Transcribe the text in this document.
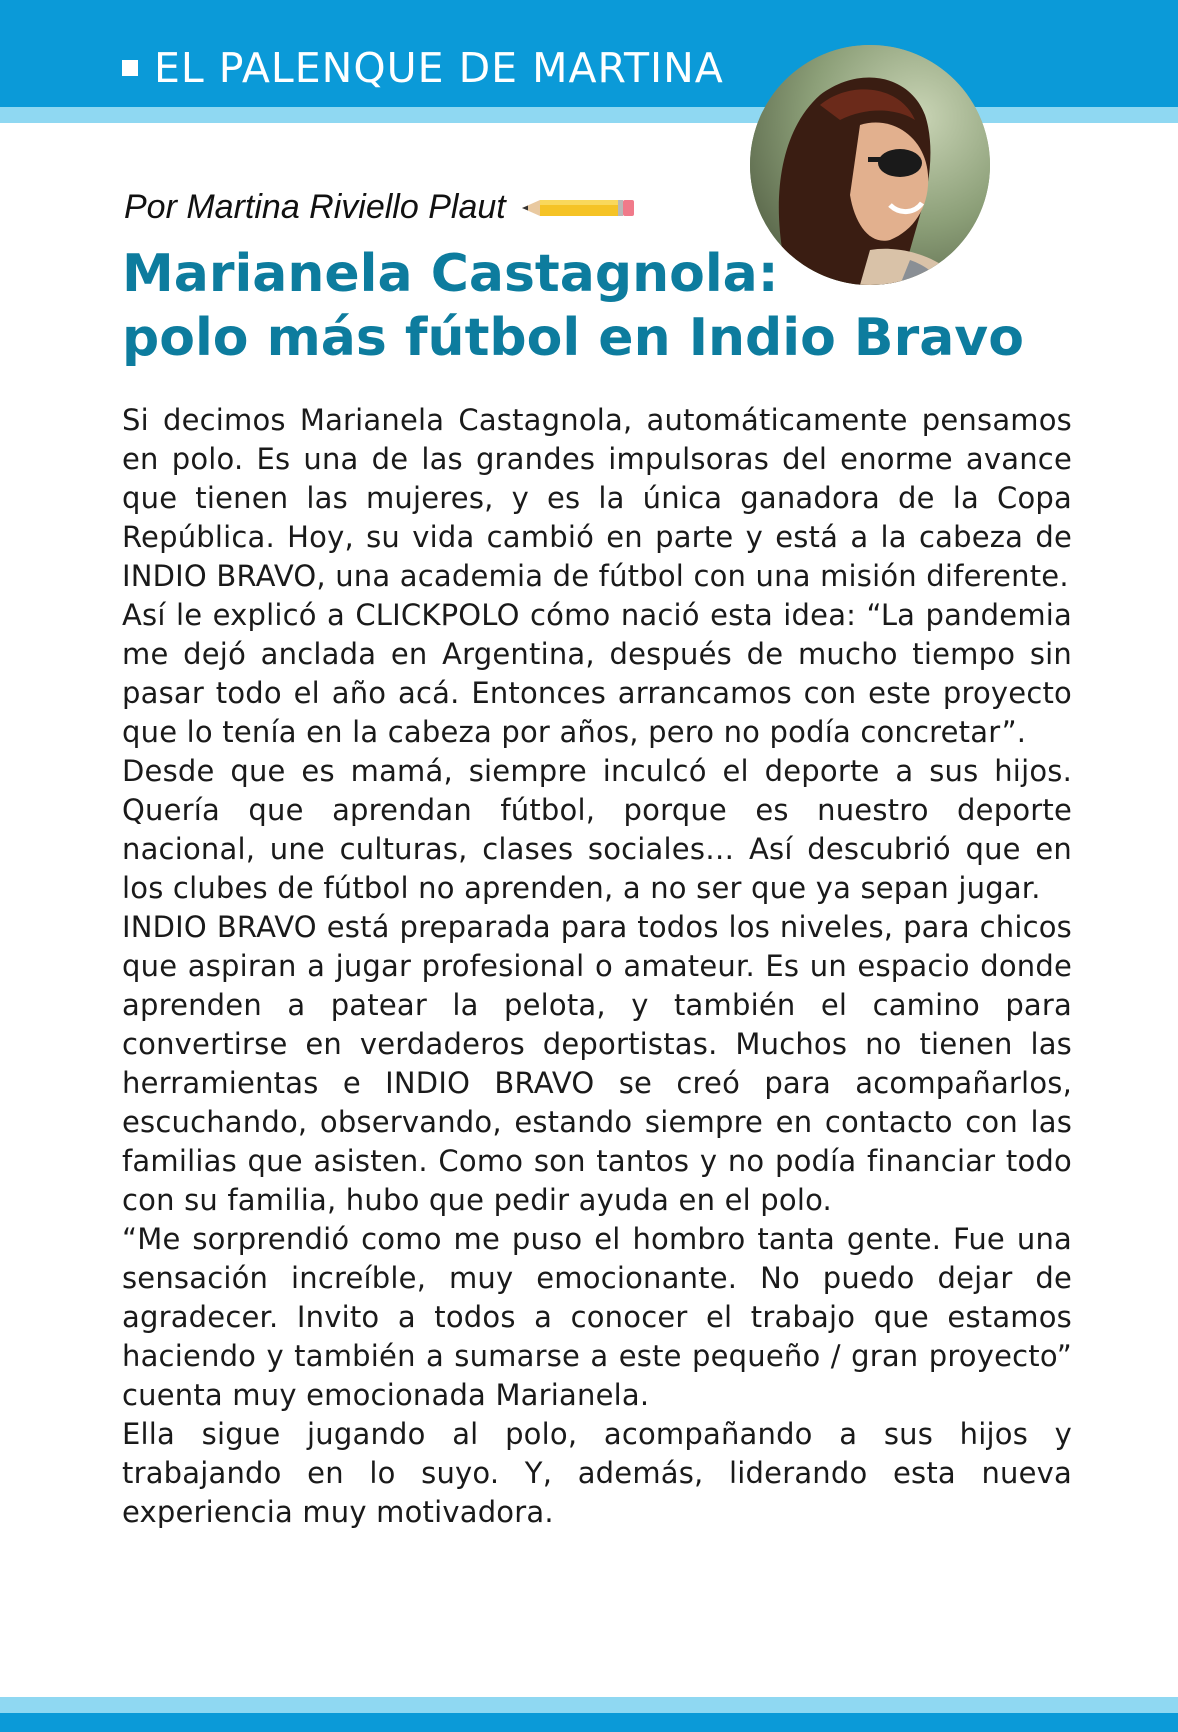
EL PALENQUE DE MARTINA
Por Martina Riviello Plaut
Marianela Castagnola:
polo más fútbol en Indio Bravo

Si decimos Marianela Castagnola, automáticamente pensamos en polo. Es una de las grandes impulsoras del enorme avance que tienen las mujeres, y es la única ganadora de la Copa República. Hoy, su vida cambió en parte y está a la cabeza de INDIO BRAVO, una academia de fútbol con una misión diferente.

Así le explicó a CLICKPOLO cómo nació esta idea: “La pandemia me dejó anclada en Argentina, después de mucho tiempo sin pasar todo el año acá. Entonces arrancamos con este proyecto que lo tenía en la cabeza por años, pero no podía concretar”.

Desde que es mamá, siempre inculcó el deporte a sus hijos. Quería que aprendan fútbol, porque es nuestro deporte nacional, une culturas, clases sociales… Así descubrió que en los clubes de fútbol no aprenden, a no ser que ya sepan jugar.

INDIO BRAVO está preparada para todos los niveles, para chicos que aspiran a jugar profesional o amateur. Es un espacio donde aprenden a patear la pelota, y también el camino para convertirse en verdaderos deportistas. Muchos no tienen las herramientas e INDIO BRAVO se creó para acompañarlos, escuchando, observando, estando siempre en contacto con las familias que asisten. Como son tantos y no podía financiar todo con su familia, hubo que pedir ayuda en el polo.

“Me sorprendió como me puso el hombro tanta gente. Fue una sensación increíble, muy emocionante. No puedo dejar de agradecer. Invito a todos a conocer el trabajo que estamos haciendo y también a sumarse a este pequeño / gran proyecto” cuenta muy emocionada Marianela.

Ella sigue jugando al polo, acompañando a sus hijos y trabajando en lo suyo. Y, además, liderando esta nueva experiencia muy motivadora.
